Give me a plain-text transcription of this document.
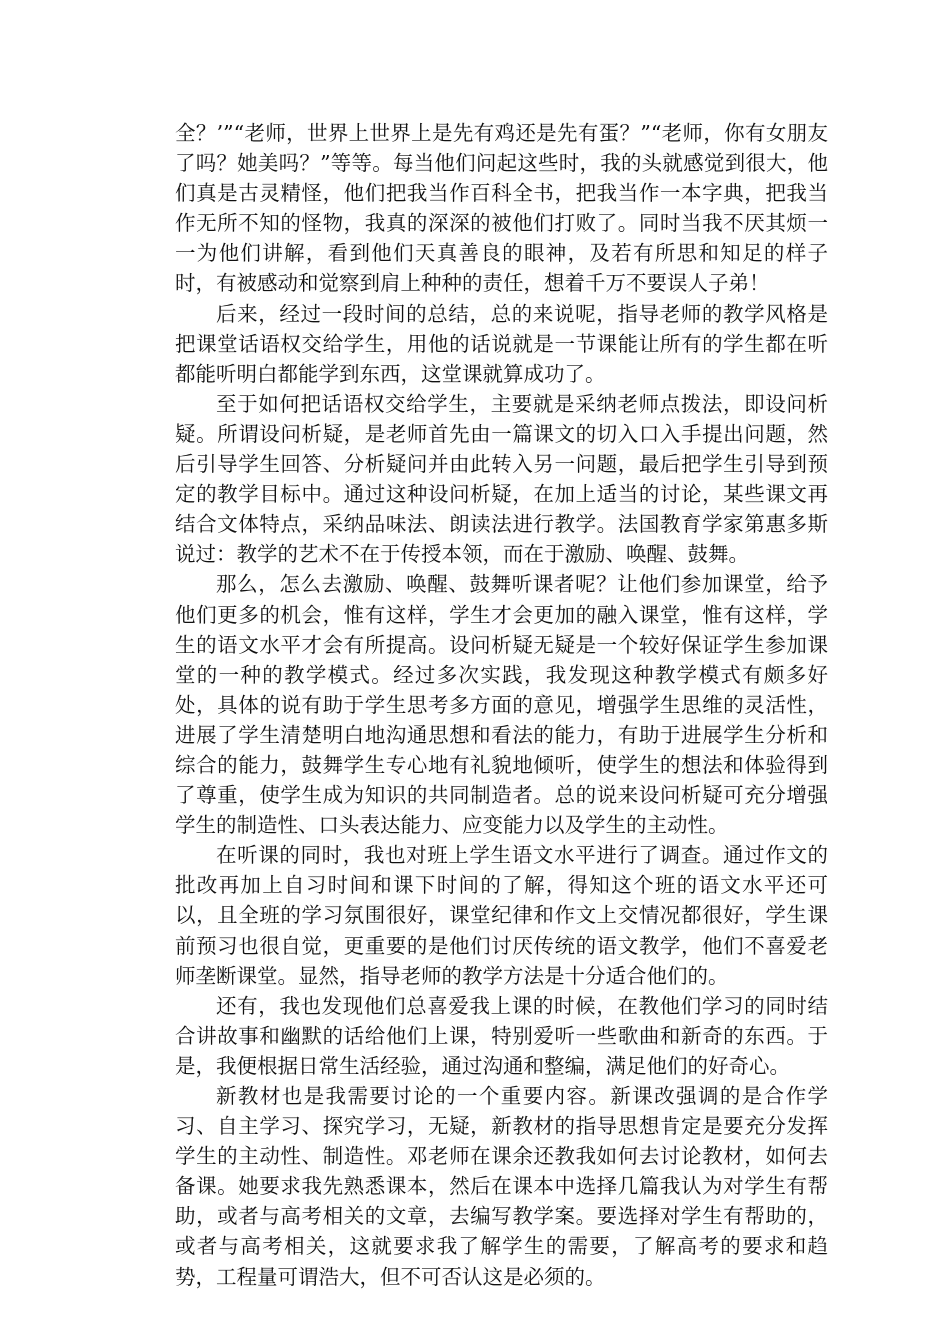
全？’”“老师，世界上世界上是先有鸡还是先有蛋？”“老师，你有女朋友了吗？她美吗？”等等。每当他们问起这些时，我的头就感觉到很大，他们真是古灵精怪，他们把我当作百科全书，把我当作一本字典，把我当作无所不知的怪物，我真的深深的被他们打败了。同时当我不厌其烦一一为他们讲解，看到他们天真善良的眼神，及若有所思和知足的样子时，有被感动和觉察到肩上种种的责任，想着千万不要误人子弟！

后来，经过一段时间的总结，总的来说呢，指导老师的教学风格是把课堂话语权交给学生，用他的话说就是一节课能让所有的学生都在听都能听明白都能学到东西，这堂课就算成功了。

至于如何把话语权交给学生，主要就是采纳老师点拨法，即设问析疑。所谓设问析疑，是老师首先由一篇课文的切入口入手提出问题，然后引导学生回答、分析疑问并由此转入另一问题，最后把学生引导到预定的教学目标中。通过这种设问析疑，在加上适当的讨论，某些课文再结合文体特点，采纳品味法、朗读法进行教学。法国教育学家第惠多斯说过：教学的艺术不在于传授本领，而在于激励、唤醒、鼓舞。

那么，怎么去激励、唤醒、鼓舞听课者呢？让他们参加课堂，给予他们更多的机会，惟有这样，学生才会更加的融入课堂，惟有这样，学生的语文水平才会有所提高。设问析疑无疑是一个较好保证学生参加课堂的一种的教学模式。经过多次实践，我发现这种教学模式有颇多好处，具体的说有助于学生思考多方面的意见，增强学生思维的灵活性，进展了学生清楚明白地沟通思想和看法的能力，有助于进展学生分析和综合的能力，鼓舞学生专心地有礼貌地倾听，使学生的想法和体验得到了尊重，使学生成为知识的共同制造者。总的说来设问析疑可充分增强学生的制造性、口头表达能力、应变能力以及学生的主动性。

在听课的同时，我也对班上学生语文水平进行了调查。通过作文的批改再加上自习时间和课下时间的了解，得知这个班的语文水平还可以，且全班的学习氛围很好，课堂纪律和作文上交情况都很好，学生课前预习也很自觉，更重要的是他们讨厌传统的语文教学，他们不喜爱老师垄断课堂。显然，指导老师的教学方法是十分适合他们的。

还有，我也发现他们总喜爱我上课的时候，在教他们学习的同时结合讲故事和幽默的话给他们上课，特别爱听一些歌曲和新奇的东西。于是，我便根据日常生活经验，通过沟通和整编，满足他们的好奇心。

新教材也是我需要讨论的一个重要内容。新课改强调的是合作学习、自主学习、探究学习，无疑，新教材的指导思想肯定是要充分发挥学生的主动性、制造性。邓老师在课余还教我如何去讨论教材，如何去备课。她要求我先熟悉课本，然后在课本中选择几篇我认为对学生有帮助，或者与高考相关的文章，去编写教学案。要选择对学生有帮助的，或者与高考相关，这就要求我了解学生的需要，了解高考的要求和趋势，工程量可谓浩大，但不可否认这是必须的。
